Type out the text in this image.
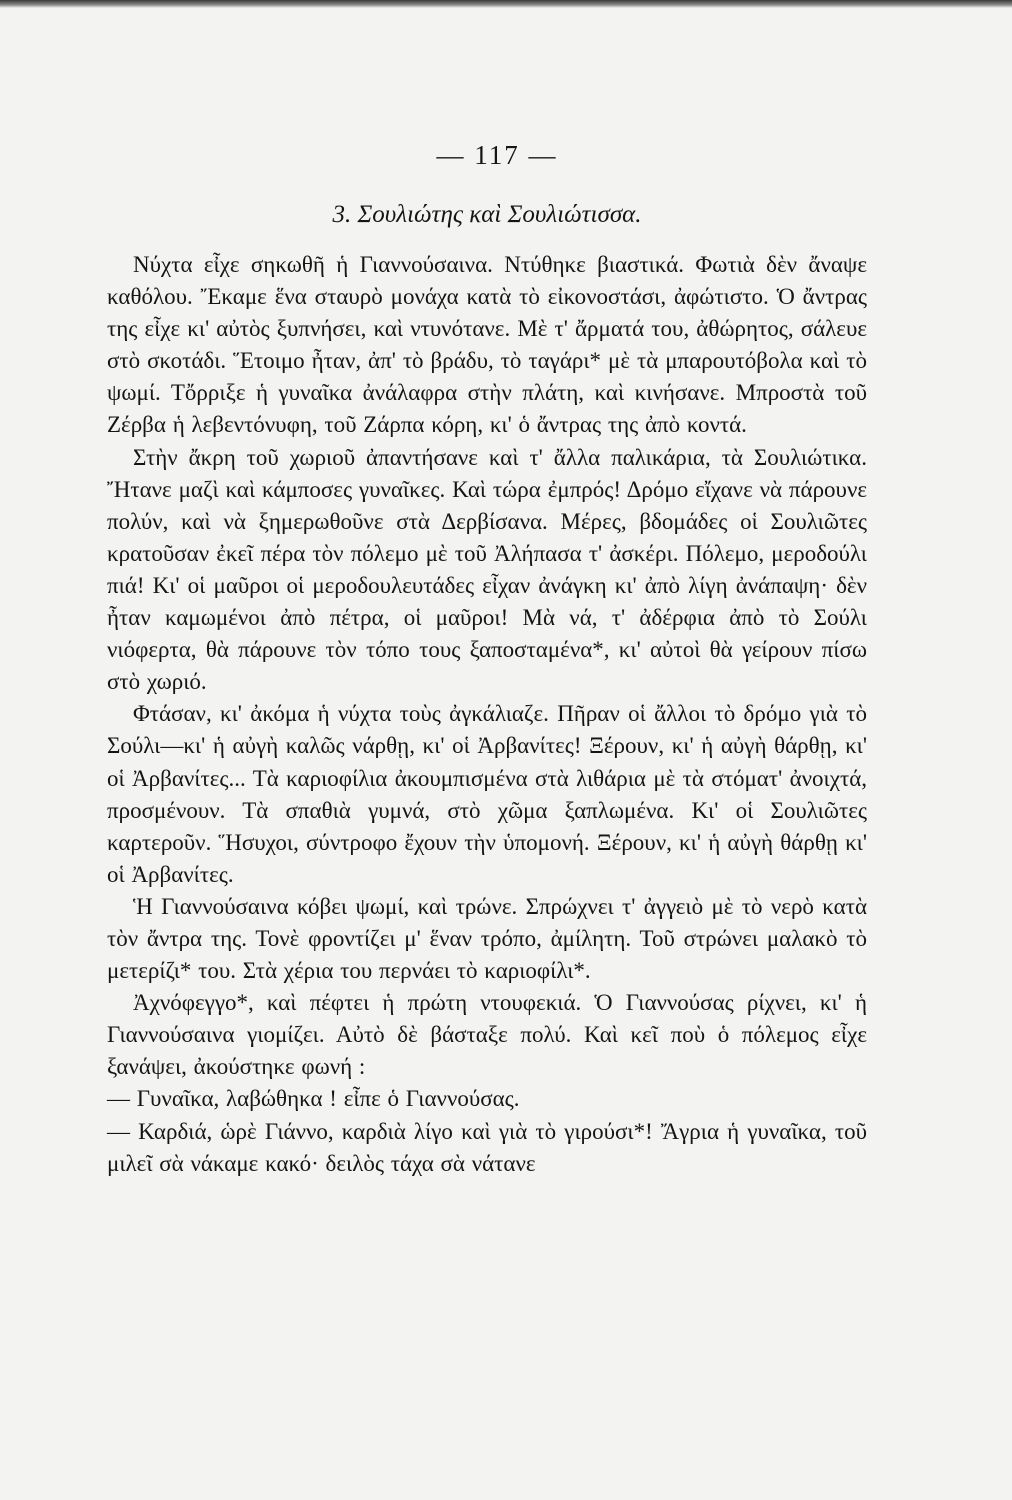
— 117 —
3. Σουλιώτης καὶ Σουλιώτισσα.

Νύχτα εἶχε σηκωθῆ ἡ Γιαννούσαινα. Ντύθηκε βιαστικά. Φωτιὰ δὲν ἄναψε καθόλου. Ἔκαμε ἕνα σταυρὸ μονάχα κατὰ τὸ εἰκονοστάσι, ἀφώτιστο. Ὁ ἄντρας της εἶχε κι' αὐτὸς ξυπνήσει, καὶ ντυνότανε. Μὲ τ' ἄρματά του, ἀθώρητος, σάλευε στὸ σκοτάδι. Ἕτοιμο ἦταν, ἀπ' τὸ βράδυ, τὸ ταγάρι* μὲ τὰ μπαρουτόβολα καὶ τὸ ψωμί. Τὄρριξε ἡ γυναῖκα ἀνάλαφρα στὴν πλάτη, καὶ κινήσανε. Μπροστὰ τοῦ Ζέρβα ἡ λεβεντόνυφη, τοῦ Ζάρπα κόρη, κι' ὁ ἄντρας της ἀπὸ κοντά.

Στὴν ἄκρη τοῦ χωριοῦ ἀπαντήσανε καὶ τ' ἄλλα παλικάρια, τὰ Σουλιώτικα. Ἤτανε μαζὶ καὶ κάμποσες γυναῖκες. Καὶ τώρα ἐμπρός! Δρόμο εἴχανε νὰ πάρουνε πολύν, καὶ νὰ ξημερωθοῦνε στὰ Δερβίσανα. Μέρες, βδομάδες οἱ Σουλιῶτες κρατοῦσαν ἐκεῖ πέρα τὸν πόλεμο μὲ τοῦ Ἀλήπασα τ' ἀσκέρι. Πόλεμο, μεροδούλι πιά! Κι' οἱ μαῦροι οἱ μεροδουλευτάδες εἶχαν ἀνάγκη κι' ἀπὸ λίγη ἀνάπαψη· δὲν ἦταν καμωμένοι ἀπὸ πέτρα, οἱ μαῦροι! Μὰ νά, τ' ἀδέρφια ἀπὸ τὸ Σούλι νιόφερτα, θὰ πάρουνε τὸν τόπο τους ξαποσταμένα*, κι' αὐτοὶ θὰ γείρουν πίσω στὸ χωριό.

Φτάσαν, κι' ἀκόμα ἡ νύχτα τοὺς ἀγκάλιαζε. Πῆραν οἱ ἄλλοι τὸ δρόμο γιὰ τὸ Σούλι—κι' ἡ αὐγὴ καλῶς νάρθῃ, κι' οἱ Ἀρβανίτες! Ξέρουν, κι' ἡ αὐγὴ θάρθῃ, κι' οἱ Ἀρβανίτες... Τὰ καριοφίλια ἀκουμπισμένα στὰ λιθάρια μὲ τὰ στόματ' ἀνοιχτά, προσμένουν. Τὰ σπαθιὰ γυμνά, στὸ χῶμα ξαπλωμένα. Κι' οἱ Σουλιῶτες καρτεροῦν. Ἥσυχοι, σύντροφο ἔχουν τὴν ὑπομονή. Ξέρουν, κι' ἡ αὐγὴ θάρθῃ κι' οἱ Ἀρβανίτες.

Ἡ Γιαννούσαινα κόβει ψωμί, καὶ τρώνε. Σπρώχνει τ' ἀγγειὸ μὲ τὸ νερὸ κατὰ τὸν ἄντρα της. Τονὲ φροντίζει μ' ἕναν τρόπο, ἀμίλητη. Τοῦ στρώνει μαλακὸ τὸ μετερίζι* του. Στὰ χέρια του περνάει τὸ καριοφίλι*.

Ἀχνόφεγγο*, καὶ πέφτει ἡ πρώτη ντουφεκιά. Ὁ Γιαννούσας ρίχνει, κι' ἡ Γιαννούσαινα γιομίζει. Αὐτὸ δὲ βάσταξε πολύ. Καὶ κεῖ ποὺ ὁ πόλεμος εἶχε ξανάψει, ἀκούστηκε φωνή :

— Γυναῖκα, λαβώθηκα ! εἶπε ὁ Γιαννούσας.

— Καρδιά, ὡρὲ Γιάννο, καρδιὰ λίγο καὶ γιὰ τὸ γιρούσι*! Ἄγρια ἡ γυναῖκα, τοῦ μιλεῖ σὰ νάκαμε κακό· δειλὸς τάχα σὰ νάτανε
